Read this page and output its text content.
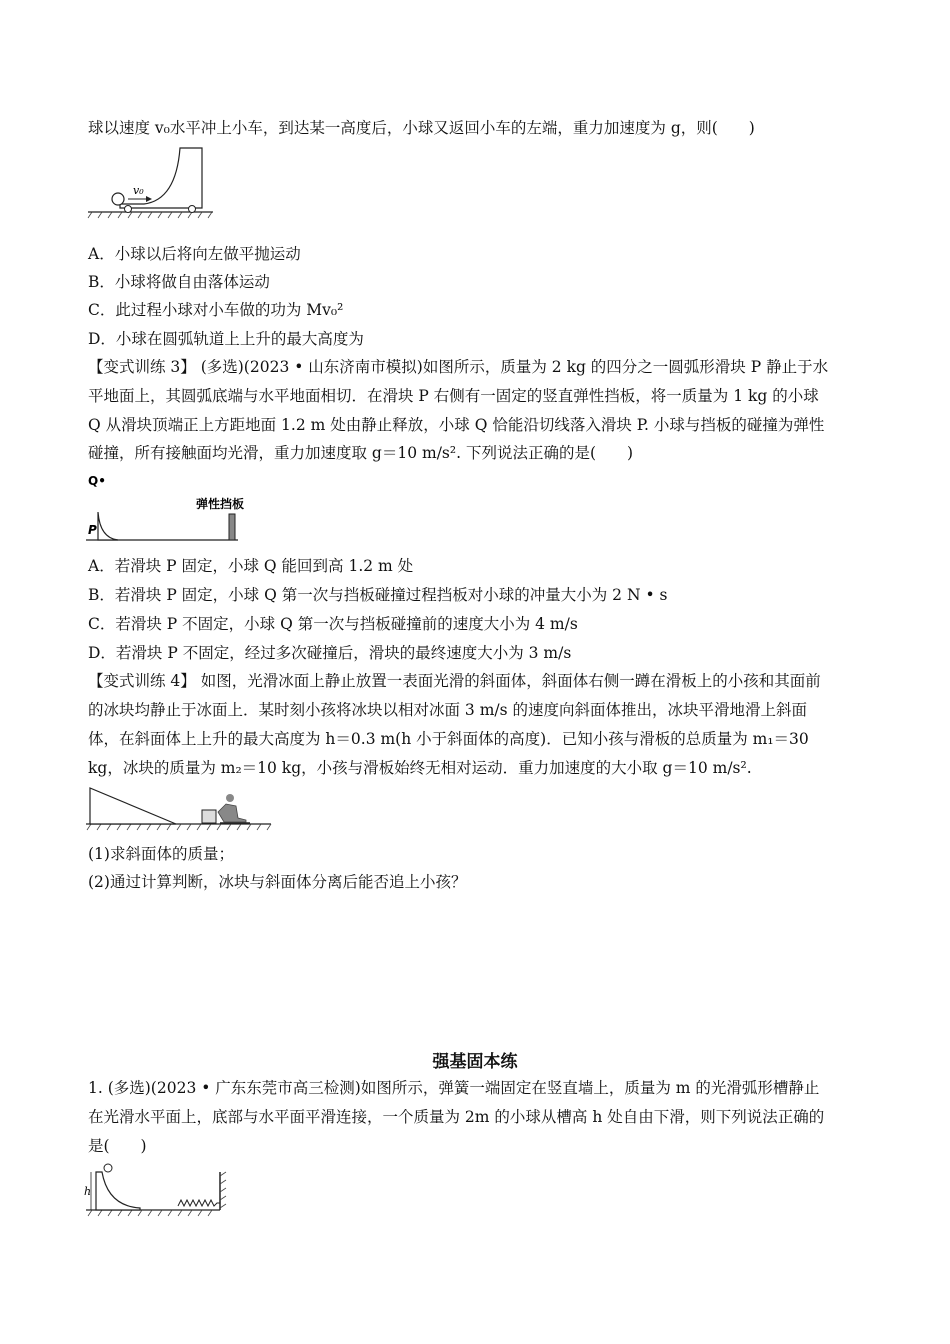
球以速度 v₀水平冲上小车，到达某一高度后，小球又返回小车的左端，重力加速度为 g，则(　　)
v₀
A．小球以后将向左做平抛运动
B．小球将做自由落体运动
C．此过程小球对小车做的功为 Mv₀²
D．小球在圆弧轨道上上升的最大高度为
【变式训练 3】 (多选)(2023 • 山东济南市模拟)如图所示，质量为 2 kg 的四分之一圆弧形滑块 P 静止于水
平地面上，其圆弧底端与水平地面相切．在滑块 P 右侧有一固定的竖直弹性挡板，将一质量为 1 kg 的小球
Q 从滑块顶端正上方距地面 1.2 m 处由静止释放，小球 Q 恰能沿切线落入滑块 P. 小球与挡板的碰撞为弹性
碰撞，所有接触面均光滑，重力加速度取 g＝10 m/s². 下列说法正确的是(　　)
Q•
弹性挡板
P
A．若滑块 P 固定，小球 Q 能回到高 1.2 m 处
B．若滑块 P 固定，小球 Q 第一次与挡板碰撞过程挡板对小球的冲量大小为 2 N • s
C．若滑块 P 不固定，小球 Q 第一次与挡板碰撞前的速度大小为 4 m/s
D．若滑块 P 不固定，经过多次碰撞后，滑块的最终速度大小为 3 m/s
【变式训练 4】 如图，光滑冰面上静止放置一表面光滑的斜面体，斜面体右侧一蹲在滑板上的小孩和其面前
的冰块均静止于冰面上．某时刻小孩将冰块以相对冰面 3 m/s 的速度向斜面体推出，冰块平滑地滑上斜面
体，在斜面体上上升的最大高度为 h＝0.3 m(h 小于斜面体的高度)．已知小孩与滑板的总质量为 m₁＝30
kg，冰块的质量为 m₂＝10 kg，小孩与滑板始终无相对运动．重力加速度的大小取 g＝10 m/s².
(1)求斜面体的质量；
(2)通过计算判断，冰块与斜面体分离后能否追上小孩？
强基固本练
1. (多选)(2023 • 广东东莞市高三检测)如图所示，弹簧一端固定在竖直墙上，质量为 m 的光滑弧形槽静止
在光滑水平面上，底部与水平面平滑连接，一个质量为 2m 的小球从槽高 h 处自由下滑，则下列说法正确的
是(　　)
h
